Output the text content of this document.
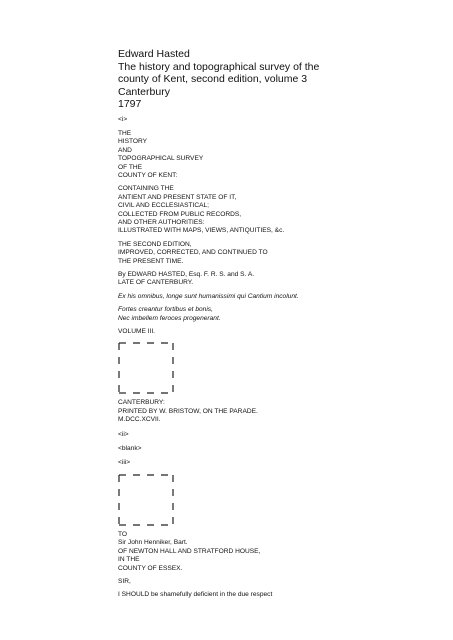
Edward Hasted
The history and topographical survey of the
county of Kent, second edition, volume 3
Canterbury
1797

<i>

THE

HISTORY

AND

TOPOGRAPHICAL SURVEY

OF THE

COUNTY OF KENT:

CONTAINING THE

ANTIENT AND PRESENT STATE OF IT,

CIVIL AND ECCLESIASTICAL;

COLLECTED FROM PUBLIC RECORDS,

AND OTHER AUTHORITIES:

ILLUSTRATED WITH MAPS, VIEWS, ANTIQUITIES, &c.

THE SECOND EDITION,

IMPROVED, CORRECTED, AND CONTINUED TO

THE PRESENT TIME.

By EDWARD HASTED, Esq. F. R. S. and S. A.

LATE OF CANTERBURY.

Ex his omnibus, longe sunt humanissimi qui Cantium incolunt.

Fortes creantur fortibus et bonis,

Nec imbellem feroces progenerant.

VOLUME III.

CANTERBURY:

PRINTED BY W. BRISTOW, ON THE PARADE.

M.DCC.XCVII.

<ii>

<blank>

<iii>

TO

Sir John Henniker, Bart.

OF NEWTON HALL AND STRATFORD HOUSE,

IN THE

COUNTY OF ESSEX.

SIR,

I SHOULD be shamefully deficient in the due respect
